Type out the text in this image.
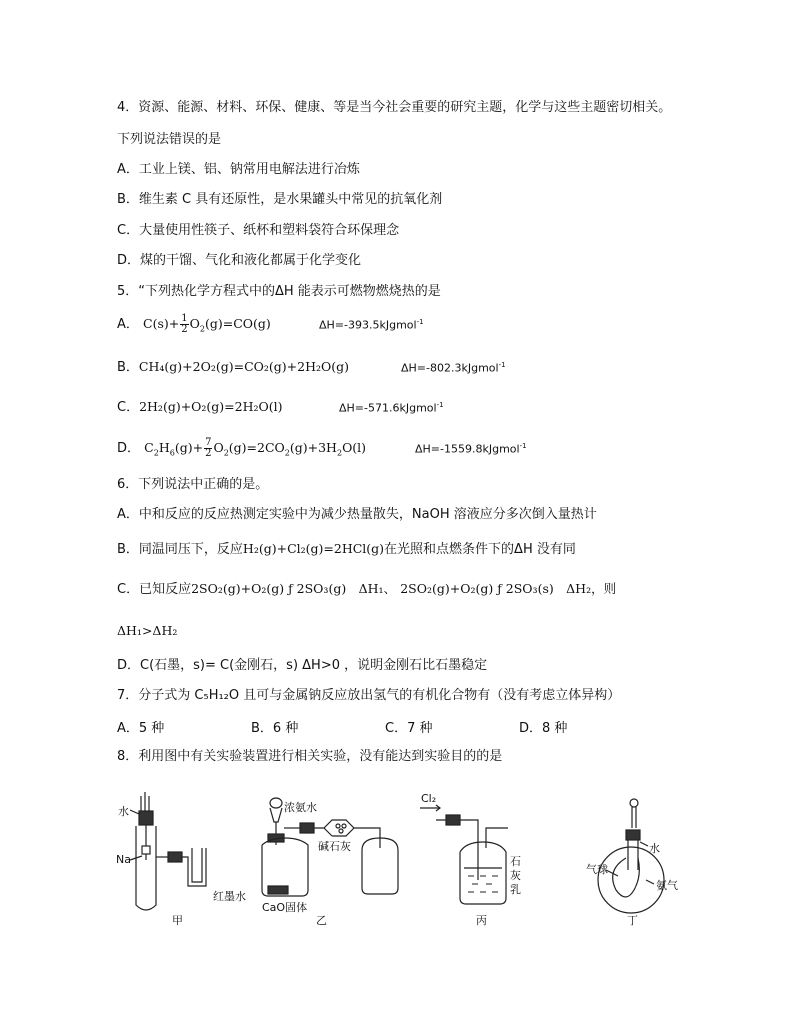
4．资源、能源、材料、环保、健康、等是当今社会重要的研究主题，化学与这些主题密切相关。
下列说法错误的是
A．工业上镁、铝、钠常用电解法进行冶炼
B．维生素 C 具有还原性，是水果罐头中常见的抗氧化剂
C．大量使用性筷子、纸杯和塑料袋符合环保理念
D．煤的干馏、气化和液化都属于化学变化
5．“下列热化学方程式中的ΔH 能表示可燃物燃烧热的是
A． $C(s)+ \frac{1}{2} O_2(g)=CO(g)$	ΔH=-393.5kJgmol$^{-1}$
B．CH₄(g)+2O₂(g)=CO₂(g)+2H₂O(g)	ΔH=-802.3kJgmol$^{-1}$
C．2H₂(g)+O₂(g)=2H₂O(l)	ΔH=-571.6kJgmol$^{-1}$
D． $C_2H_6(g)+ \frac{7}{2} O_2(g)=2CO_2(g)+3H_2O(l)$	ΔH=-1559.8kJgmol$^{-1}$
6．下列说法中正确的是。
A．中和反应的反应热测定实验中为减少热量散失，NaOH 溶液应分多次倒入量热计
B．同温同压下，反应H₂(g)+Cl₂(g)=2HCl(g)在光照和点燃条件下的ΔH 没有同
C．已知反应2SO₂(g)+O₂(g) ƒ 2SO₃(g) ΔH₁、 2SO₂(g)+O₂(g) ƒ 2SO₃(s) ΔH₂，则
ΔH₁>ΔH₂
D．C(石墨，s)= C(金刚石，s) ΔH>0 ，说明金刚石比石墨稳定
7．分子式为 C₅H₁₂O 且可与金属钠反应放出氢气的有机化合物有（没有考虑立体异构）
A．5 种	B．6 种	C．7 种	D．8 种
8．利用图中有关实验装置进行相关实验，没有能达到实验目的的是
水
Na
红墨水
甲
浓氨水
碱石灰
CaO固体
乙
Cl₂
石
灰
乳
丙
水
气球
氨气
丁
